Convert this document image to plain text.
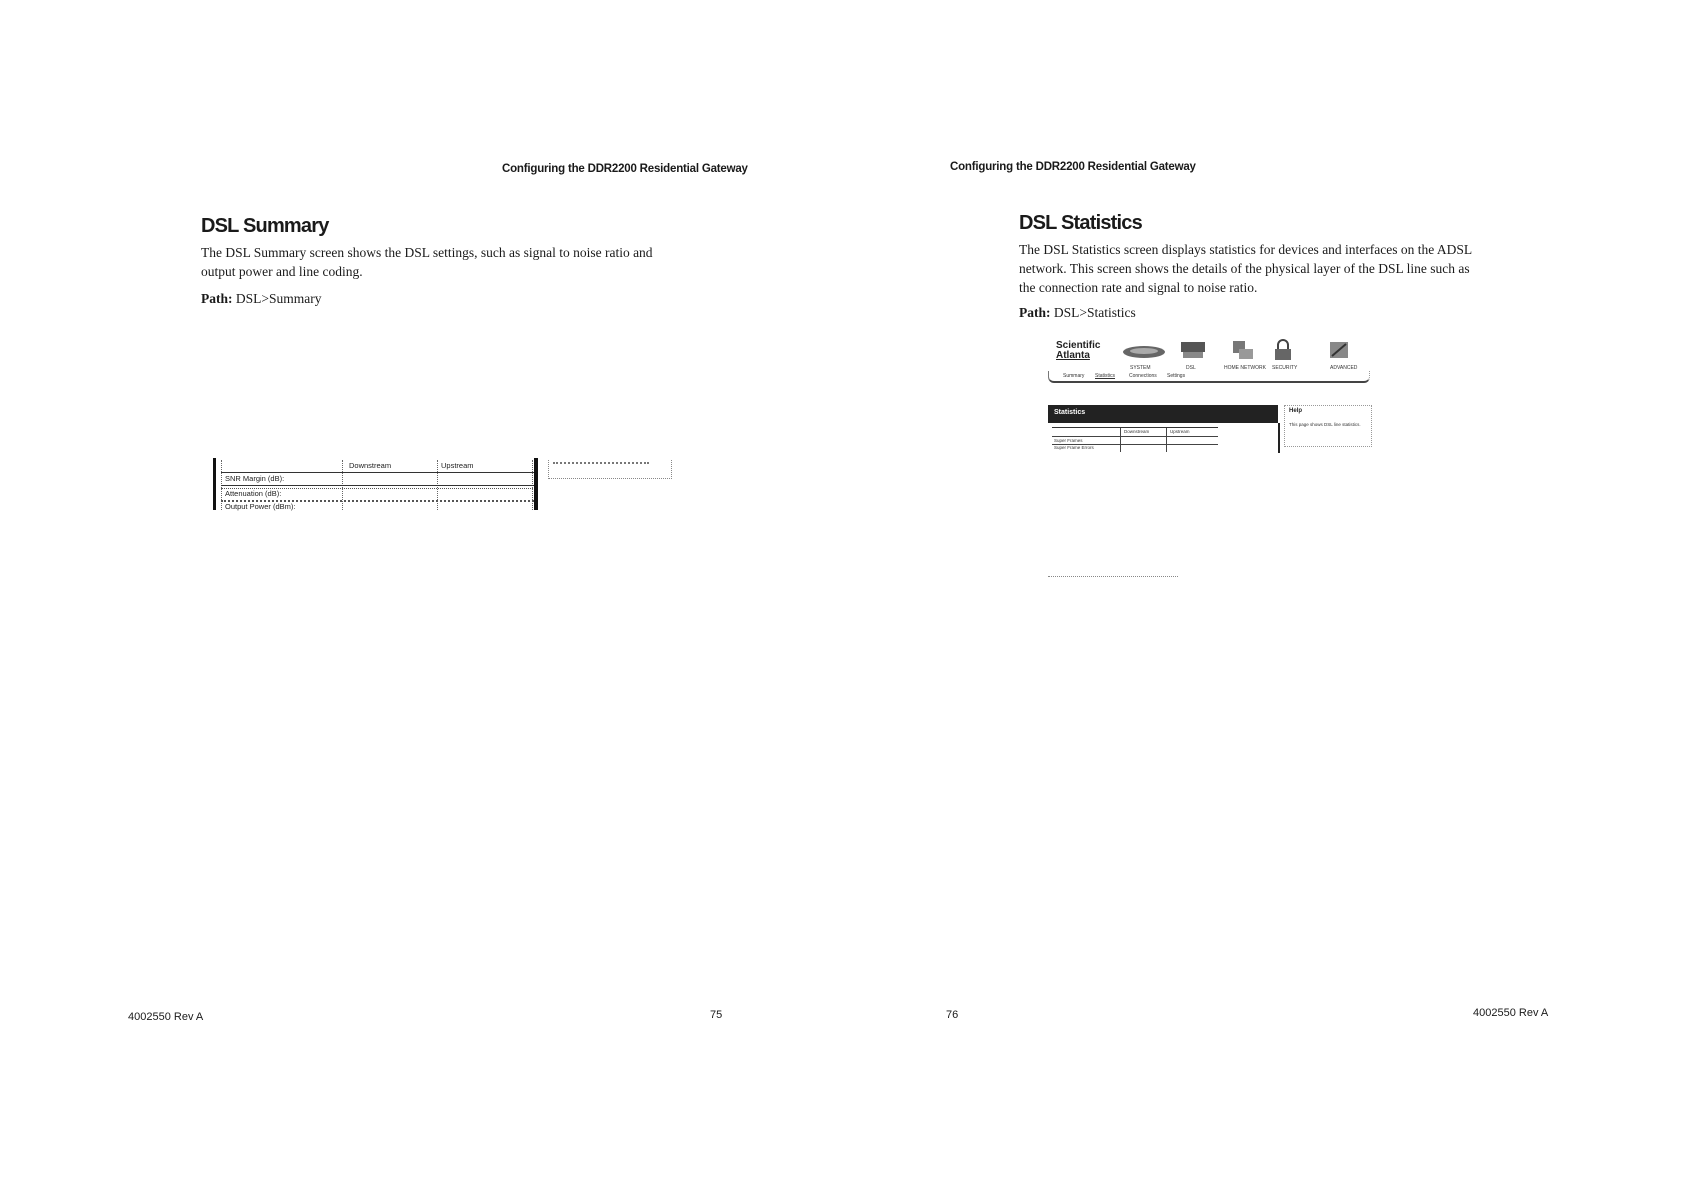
Configuring the DDR2200 Residential Gateway
DSL Summary
The DSL Summary screen shows the DSL settings, such as signal to noise ratio and
output power and line coding.
Path: DSL>Summary
Downstream	Upstream
SNR Margin (dB):
Attenuation (dB):
Output Power (dBm):
4002550 Rev A	75
Configuring the DDR2200 Residential Gateway
DSL Statistics
The DSL Statistics screen displays statistics for devices and interfaces on the ADSL
network. This screen shows the details of the physical layer of the DSL line such as
the connection rate and signal to noise ratio.
Path: DSL>Statistics
Scientific
Atlanta
SYSTEM	DSL	HOME NETWORK SECURITY	ADVANCED
Summary Statistics	Connections Settings
Statistics
Downstream	Upstream
Super Frames
Super Frame Errors
Help
This page shows DSL line statistics.
76	4002550 Rev A
